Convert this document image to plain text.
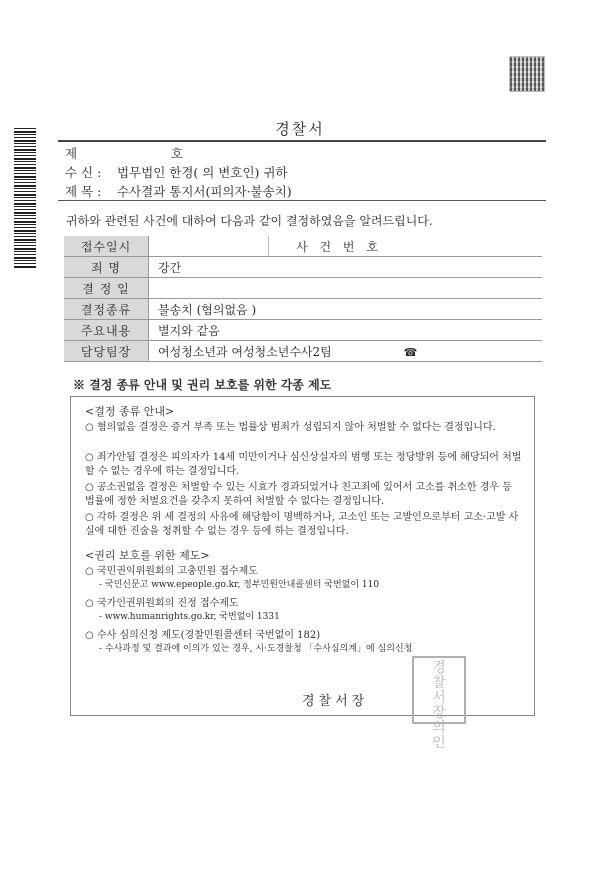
경찰서
제	호
수 신 : 법무법인 한경( 의 변호인) 귀하
제 목 : 수사결과 통지서(피의자·불송치)
귀하와 관련된 사건에 대하여 다음과 같이 결정하였음을 알려드립니다.
접수일시		사 건 번 호	
죄 명	강간		
결 정 일			
결정종류	불송치 (혐의없음 )		
주요내용	별지와 같음		
담당팀장	여성청소년과 여성청소년수사2팀 ☎		
※ 결정 종류 안내 및 권리 보호를 위한 각종 제도
<결정 종류 안내>
○ 혐의없음 결정은 증거 부족 또는 법률상 범죄가 성립되지 않아 처벌할 수 없다는 결정입니다.
○ 죄가안됨 결정은 피의자가 14세 미만이거나 심신상실자의 범행 또는 정당방위 등에 해당되어 처벌할 수 없는 경우에 하는 결정입니다.
○ 공소권없음 결정은 처벌할 수 있는 시효가 경과되었거나 친고죄에 있어서 고소를 취소한 경우 등 법률에 정한 처벌요건을 갖추지 못하여 처벌할 수 없다는 결정입니다.
○ 각하 결정은 위 세 결정의 사유에 해당함이 명백하거나, 고소인 또는 고발인으로부터 고소·고발 사실에 대한 진술을 청취할 수 없는 경우 등에 하는 결정입니다.
<권리 보호를 위한 제도>
○ 국민권익위원회의 고충민원 접수제도
- 국민신문고 www.epeople.go.kr, 정부민원안내콜센터 국번없이 110
○ 국가인권위원회의 진정 접수제도
- www.humanrights.go.kr, 국번없이 1331
○ 수사 심의신청 제도(경찰민원콜센터 국번없이 182)
- 수사과정 및 결과에 이의가 있는 경우, 시·도경찰청 「수사심의계」에 심의신청
경찰서장
경
찰
서
장
의
인
